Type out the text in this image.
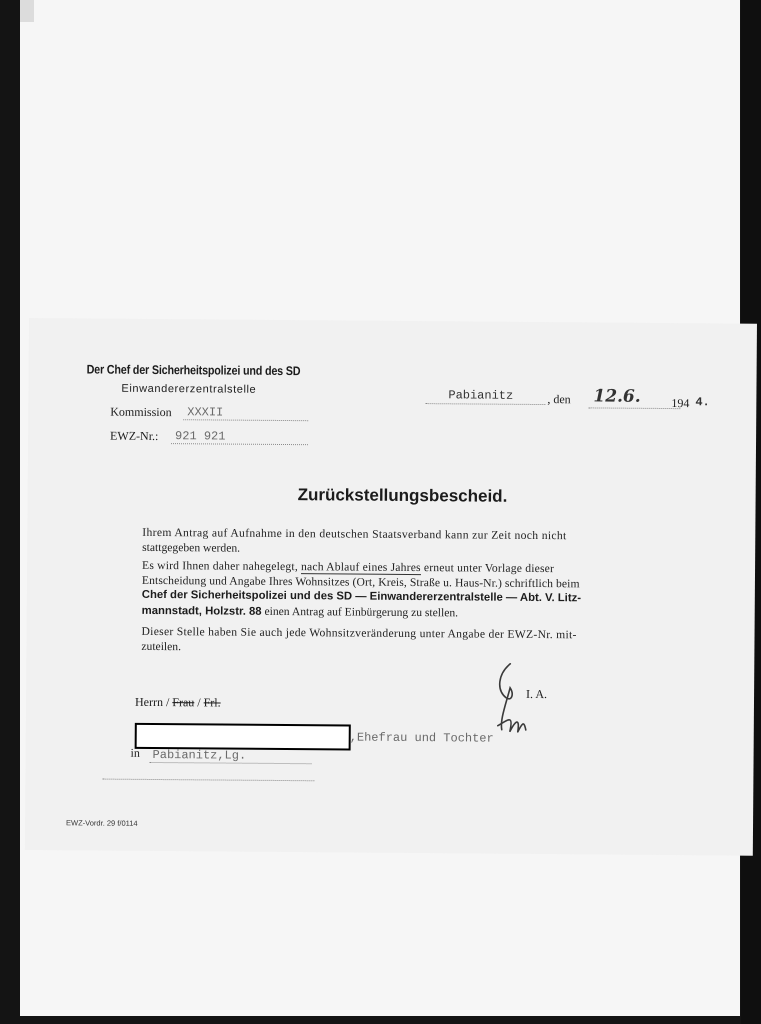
Der Chef der Sicherheitspolizei und des SD
Einwandererzentralstelle
Kommission XXXII
EWZ-Nr.: 921 921
Pabianitz	, den 12.6.	194 4.
Zurückstellungsbescheid.
Ihrem Antrag auf Aufnahme in den deutschen Staatsverband kann zur Zeit noch nicht
stattgegeben werden.
Es wird Ihnen daher nahegelegt, nach Ablauf eines Jahres erneut unter Vorlage dieser
Entscheidung und Angabe Ihres Wohnsitzes (Ort, Kreis, Straße u. Haus-Nr.) schriftlich beim
Chef der Sicherheitspolizei und des SD — Einwandererzentralstelle — Abt. V. Litz-
mannstadt, Holzstr. 88 einen Antrag auf Einbürgerung zu stellen.
Dieser Stelle haben Sie auch jede Wohnsitzveränderung unter Angabe der EWZ-Nr. mit-
zuteilen.
Herrn / Frau / Frl.
,Ehefrau und Tochter
in Pabianitz,Lg.
I. A.
EWZ-Vordr. 29 f/0114
